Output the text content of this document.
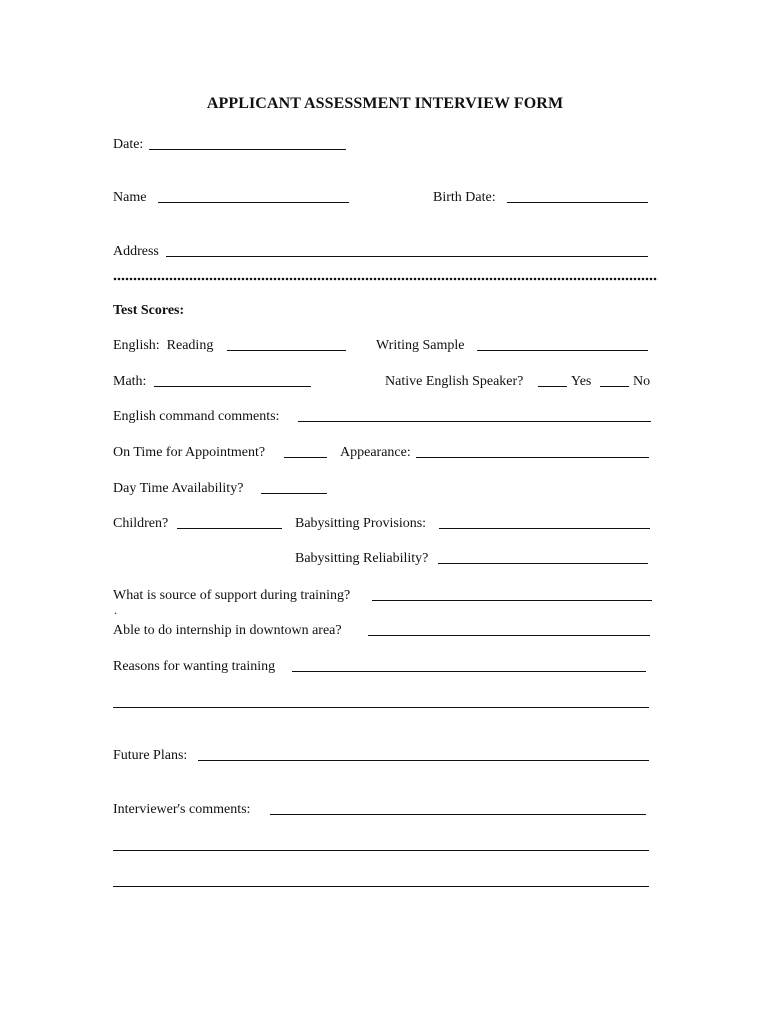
APPLICANT ASSESSMENT INTERVIEW FORM
Date:
Name	Birth Date:
Address
Test Scores:
English:  Reading	Writing Sample
Math:	Native English Speaker?	Yes	No
English command comments:
On Time for Appointment?	Appearance:
Day Time Availability?
Children?	Babysitting Provisions:
Babysitting Reliability?
What is source of support during training?
.
Able to do internship in downtown area?
Reasons for wanting training
Future Plans:
Interviewer's comments:
